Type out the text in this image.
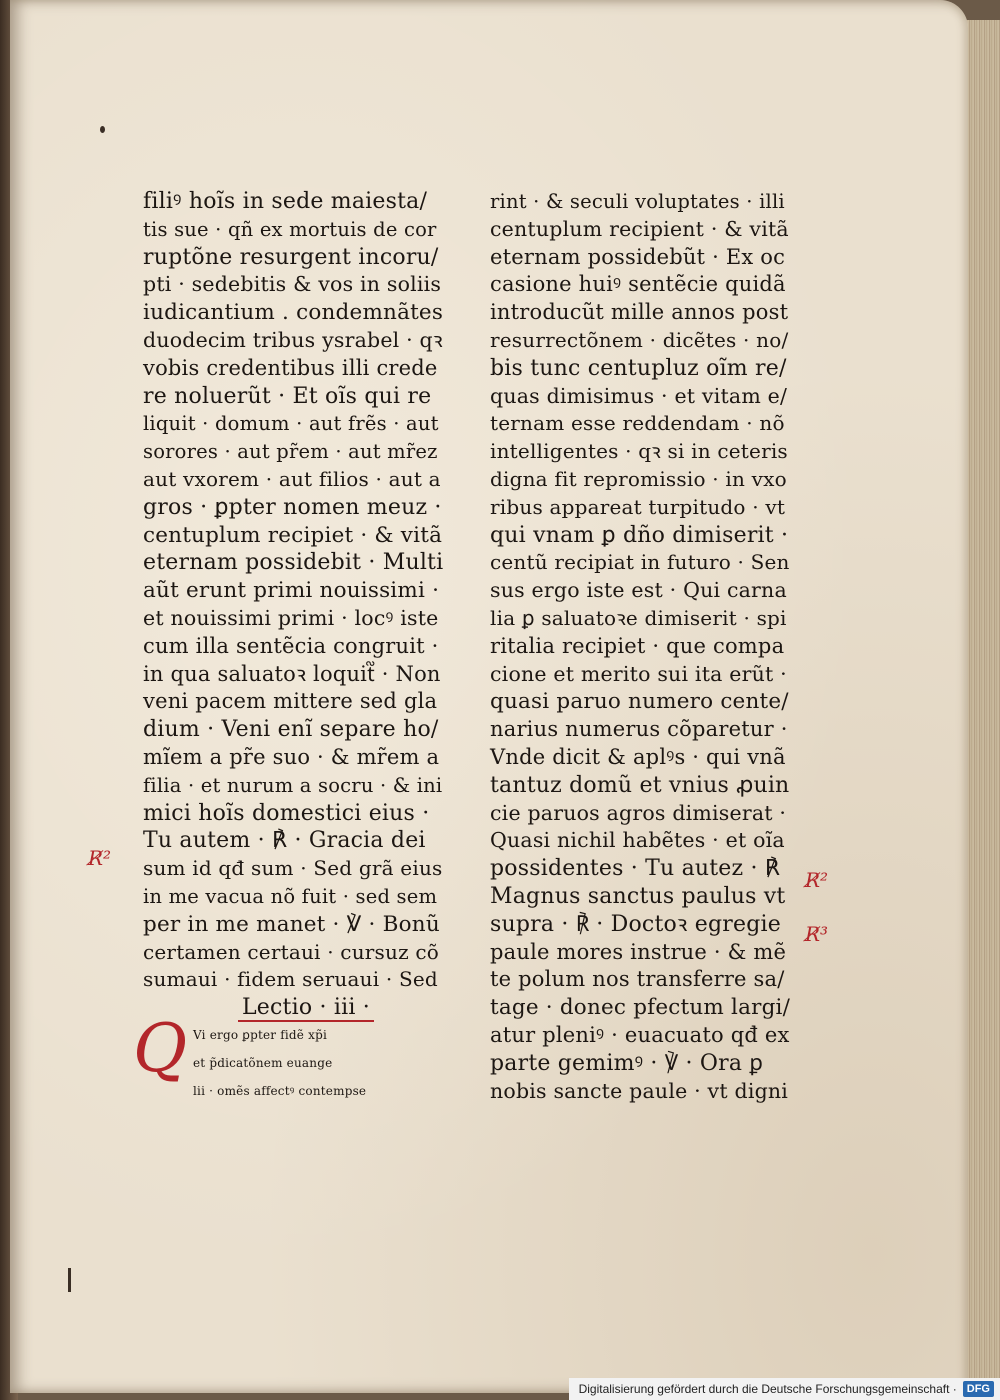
R̸²
R̸²
R̸³
filiꝰ hoĩs in sede maiesta/
tis sue · qñ ex mortuis de cor
ruptõne resurgent incoru/
pti · sedebitis & vos in soliis
iudicantium . condemnãtes
duodecim tribus ysrabel · qꝛ
vobis credentibus illi crede
re noluerũt · Et oĩs qui re
liquit · domum · aut frẽs · aut
sorores · aut pr̃em · aut mr̃ez
aut vxorem · aut filios · aut a
gros · ꝑpter nomen meuz ·
centuplum recipiet · & vitã
eternam possidebit · Multi
aũt erunt primi nouissimi ·
et nouissimi primi · locꝰ iste
cum illa sentẽcia congruit ·
in qua saluatoꝛ loquit᷑ · Non
veni pacem mittere sed gla
dium · Veni enĩ separe ho/
mĩem a pr̃e suo · & mr̃em a
filia · et nurum a socru · & ini
mici hoĩs domestici eius ·
Tu autem · ℟ · Gracia dei
sum id qđ sum · Sed grã eius
in me vacua nõ fuit · sed sem
per in me manet · ℣ · Bonũ
certamen certaui · cursuz cõ
sumaui · fidem seruaui · Sed
Lectio · iii ·
Q Vi ergo ꝑpter fidẽ xp̃i
et p̃dicatõnem euange
lii · omẽs affectꝰ contempse
rint · & seculi voluptates · illi
centuplum recipient · & vitã
eternam possidebũt · Ex oc
casione huiꝰ sentẽcie quidã
introducũt mille annos post
resurrectõnem · dicẽtes · no/
bis tunc centupluz oĩm re/
quas dimisimus · et vitam e/
ternam esse reddendam · nõ
intelligentes · qꝛ si in ceteris
digna fit repromissio · in vxo
ribus appareat turpitudo · vt
qui vnam ꝑ dño dimiserit ·
centũ recipiat in futuro · Sen
sus ergo iste est · Qui carna
lia ꝑ saluatoꝛe dimiserit · spi
ritalia recipiet · que compa
cione et merito sui ita erũt ·
quasi paruo numero cente/
narius numerus cõparetur ·
Vnde dicit & aplꝰs · qui vnã
tantuz domũ et vnius ꝓuin
cie paruos agros dimiserat ·
Quasi nichil habẽtes · et oĩa
possidentes · Tu autez · ℟
Magnus sanctus paulus vt
supra · ℟ · Doctoꝛ egregie
paule mores instrue · & mẽ
te polum nos transferre sa/
tage · donec pfectum largi/
atur pleniꝰ · euacuato qđ ex
parte gemimꝰ · ℣ · Ora ꝑ
nobis sancte paule · vt digni
Digitalisierung gefördert durch die Deutsche Forschungsgemeinschaft · DFG
